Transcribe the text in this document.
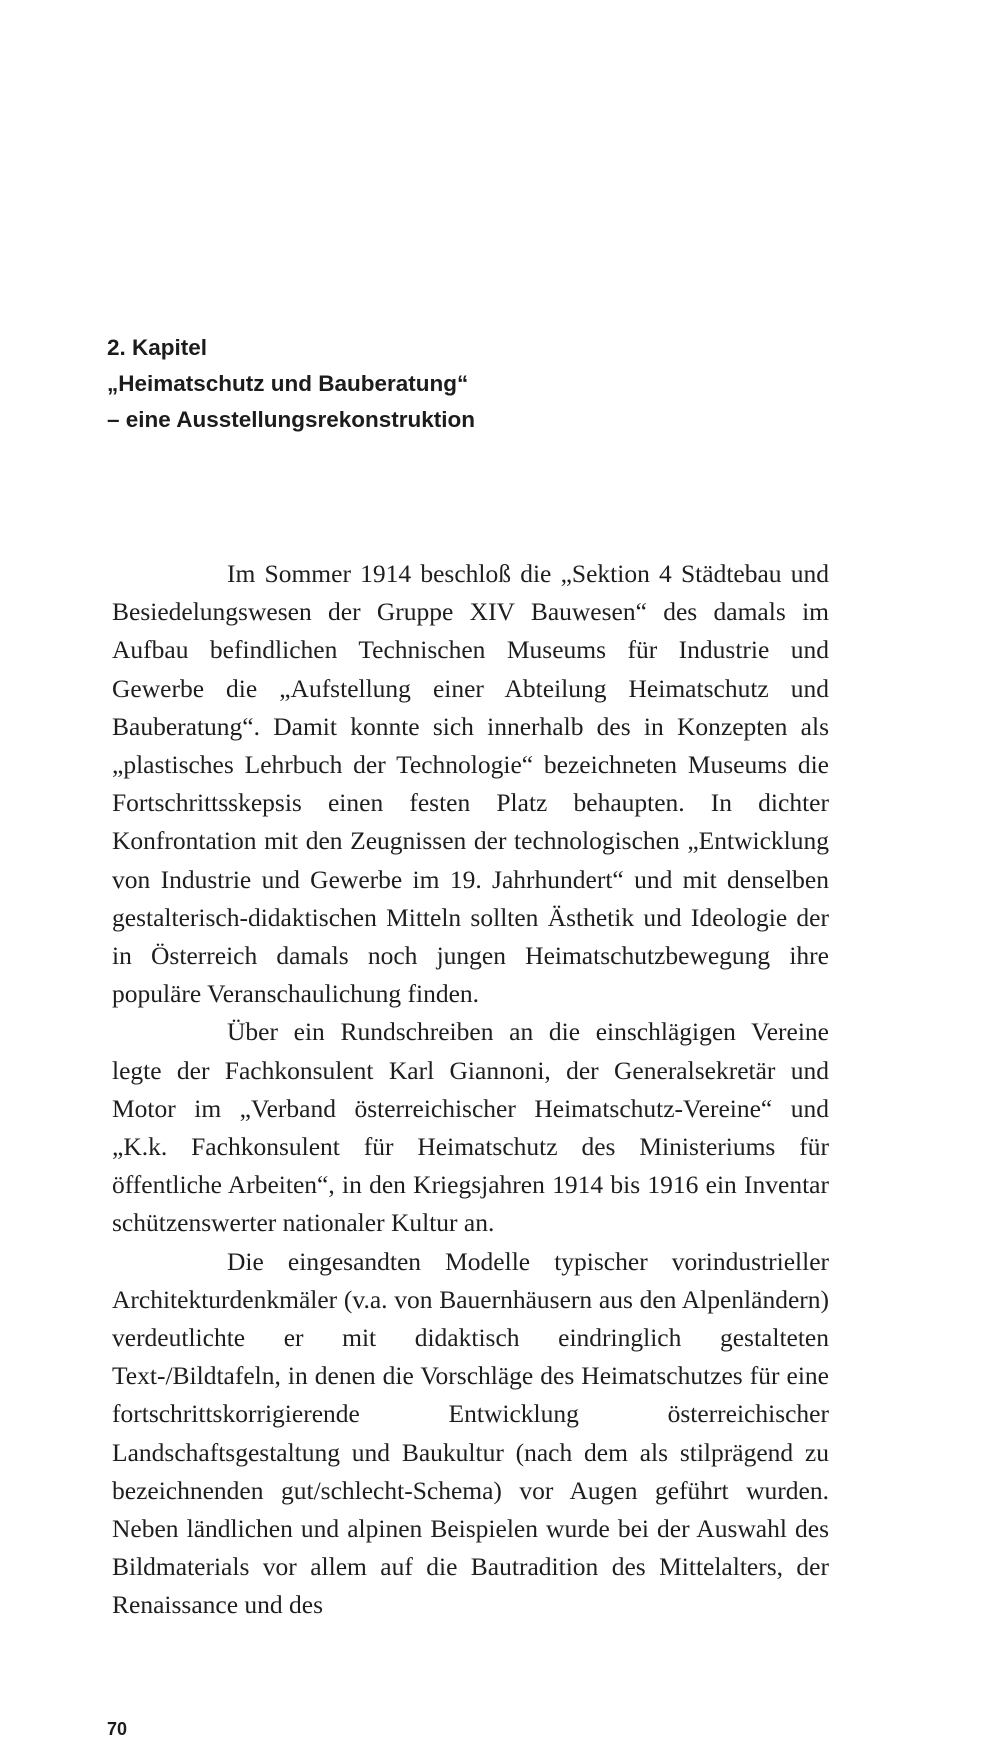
2. Kapitel
„Heimatschutz und Bauberatung“
– eine Ausstellungsrekonstruktion

Im Sommer 1914 beschloß die „Sektion 4 Städtebau und Besiedelungswesen der Gruppe XIV Bauwesen“ des damals im Aufbau befindlichen Technischen Museums für Industrie und Gewerbe die „Aufstellung einer Abteilung Heimatschutz und Bauberatung“. Damit konnte sich innerhalb des in Konzepten als „plastisches Lehrbuch der Technologie“ bezeichneten Museums die Fortschrittsskepsis einen festen Platz behaupten. In dichter Konfrontation mit den Zeugnissen der technologischen „Entwicklung von Industrie und Gewerbe im 19. Jahrhundert“ und mit denselben gestalterisch-didaktischen Mitteln sollten Ästhetik und Ideologie der in Österreich damals noch jungen Heimatschutzbewegung ihre populäre Veranschaulichung finden.

Über ein Rundschreiben an die einschlägigen Vereine legte der Fachkonsulent Karl Giannoni, der Generalsekretär und Motor im „Verband österreichischer Heimatschutz-Vereine“ und „K.k. Fachkonsulent für Heimatschutz des Ministeriums für öffentliche Arbeiten“, in den Kriegsjahren 1914 bis 1916 ein Inventar schützenswerter nationaler Kultur an.

Die eingesandten Modelle typischer vorindustrieller Architekturdenkmäler (v.a. von Bauernhäusern aus den Alpenländern) verdeutlichte er mit didaktisch eindringlich gestalteten Text-/Bildtafeln, in denen die Vorschläge des Heimatschutzes für eine fortschrittskorrigierende Entwicklung österreichischer Landschaftsgestaltung und Baukultur (nach dem als stilprägend zu bezeichnenden gut/schlecht-Schema) vor Augen geführt wurden. Neben ländlichen und alpinen Beispielen wurde bei der Auswahl des Bildmaterials vor allem auf die Bautradition des Mittelalters, der Renaissance und des

70
